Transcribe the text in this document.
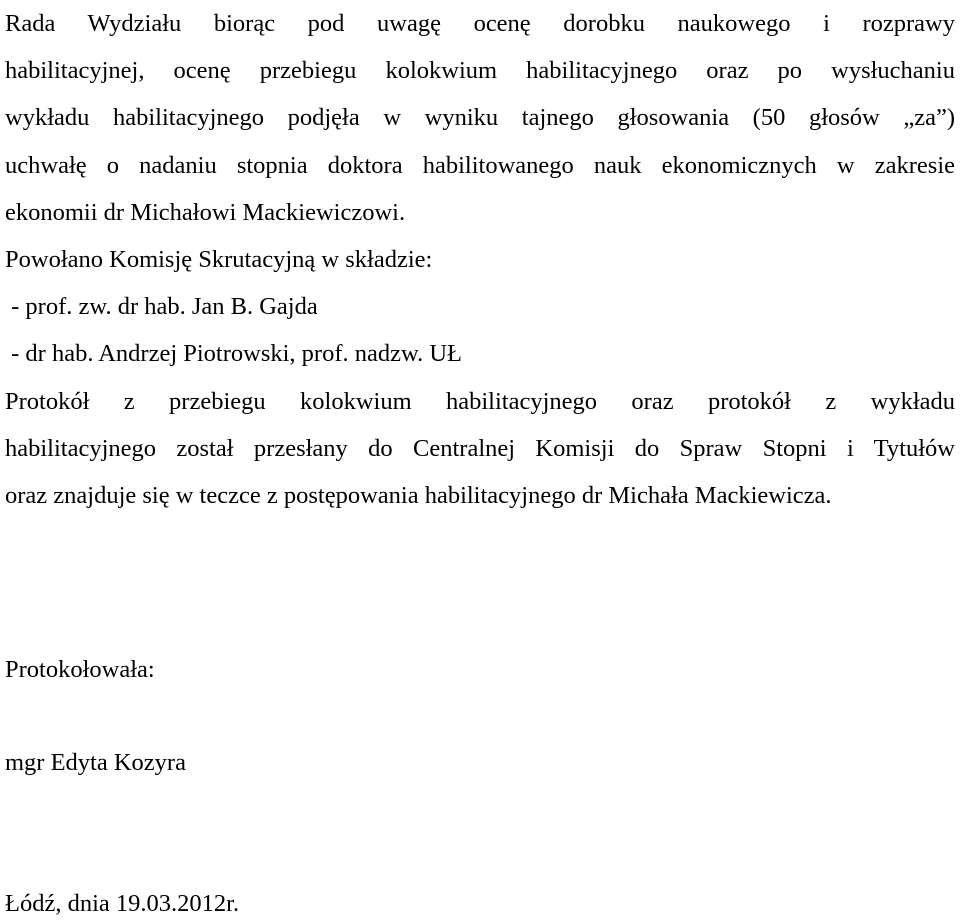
Rada Wydziału biorąc pod uwagę ocenę dorobku naukowego i rozprawy
habilitacyjnej, ocenę przebiegu kolokwium habilitacyjnego oraz po wysłuchaniu
wykładu habilitacyjnego podjęła w wyniku tajnego głosowania (50 głosów „za”)
uchwałę o nadaniu stopnia doktora habilitowanego nauk ekonomicznych w zakresie
ekonomii dr Michałowi Mackiewiczowi.
Powołano Komisję Skrutacyjną w składzie:
- prof. zw. dr hab. Jan B. Gajda
- dr hab. Andrzej Piotrowski, prof. nadzw. UŁ
Protokół z przebiegu kolokwium habilitacyjnego oraz protokół z wykładu
habilitacyjnego został przesłany do Centralnej Komisji do Spraw Stopni i Tytułów
oraz znajduje się w teczce z postępowania habilitacyjnego dr Michała Mackiewicza.
Protokołowała:
mgr Edyta Kozyra
Łódź, dnia 19.03.2012r.
